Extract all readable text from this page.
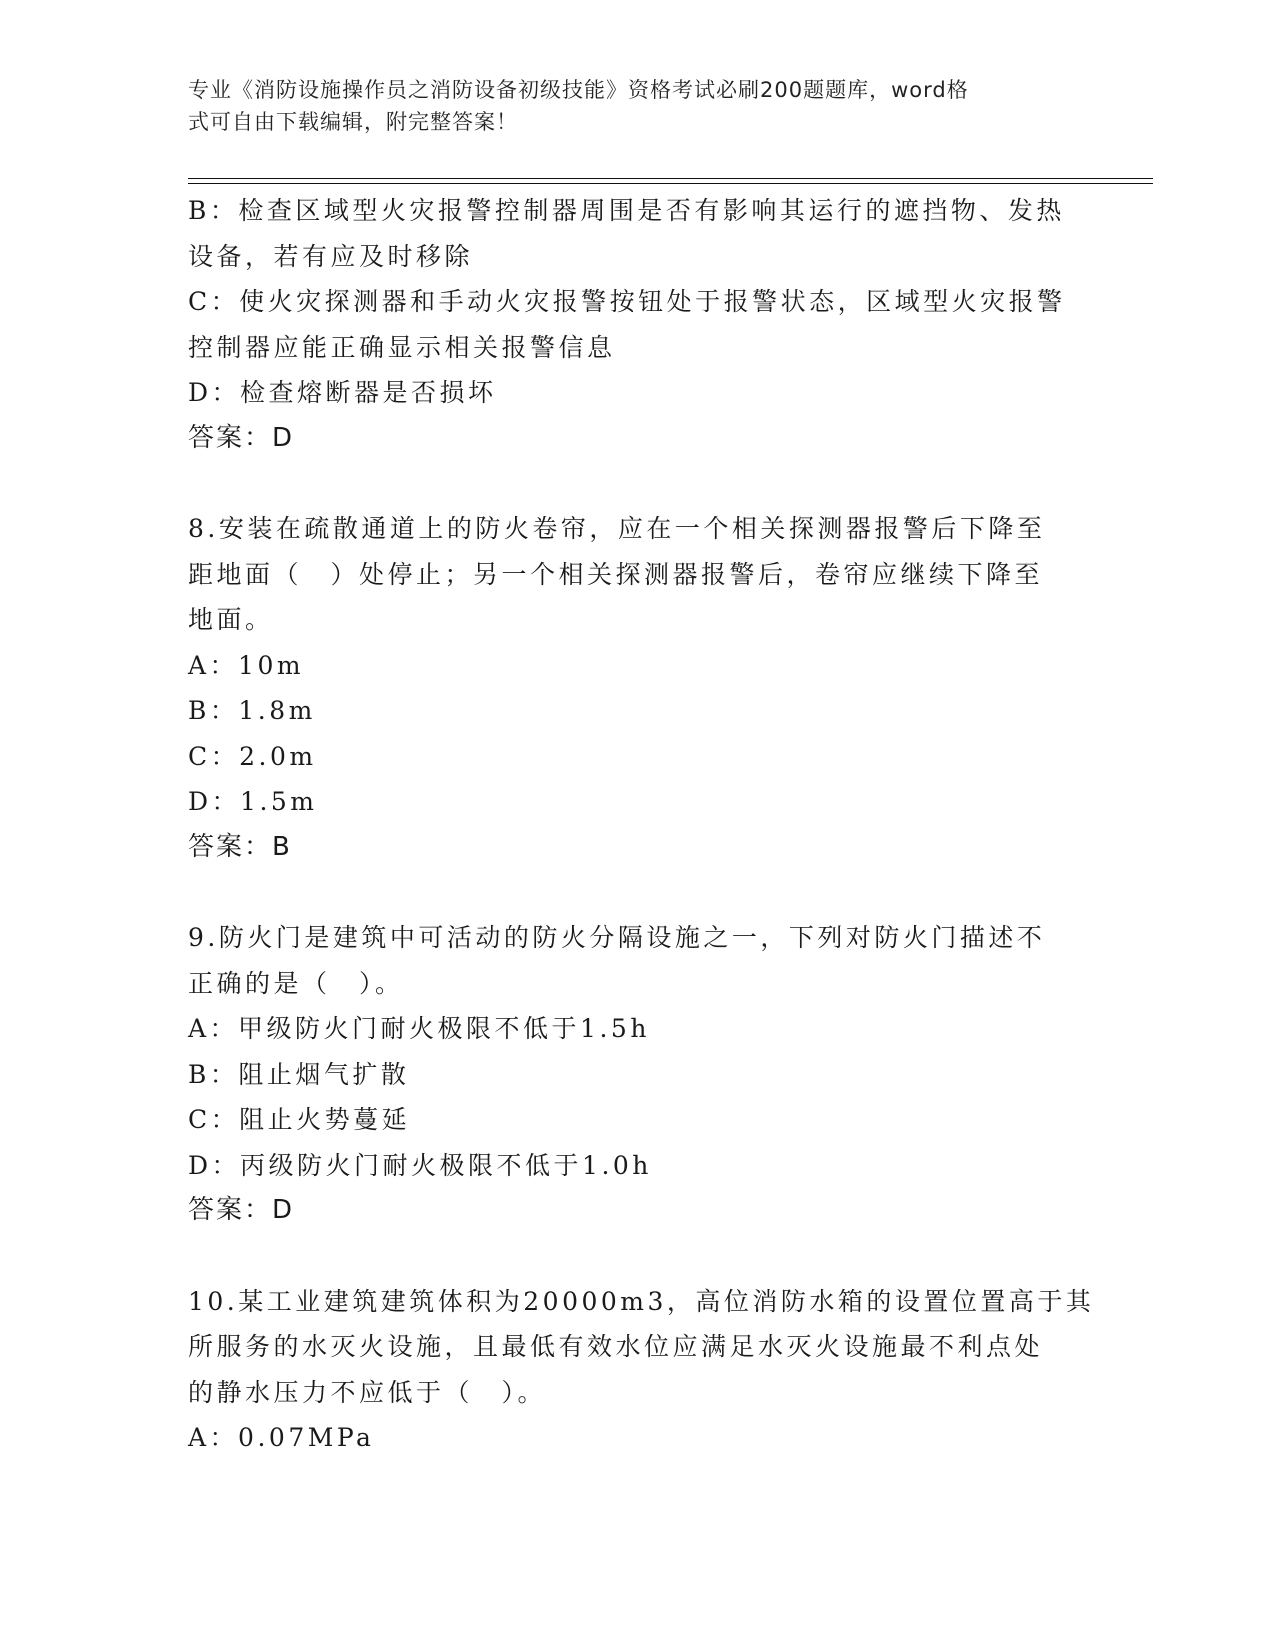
专业《消防设施操作员之消防设备初级技能》资格考试必刷200题题库，word格
式可自由下载编辑，附完整答案！
B：检查区域型火灾报警控制器周围是否有影响其运行的遮挡物、发热
设备，若有应及时移除
C：使火灾探测器和手动火灾报警按钮处于报警状态，区域型火灾报警
控制器应能正确显示相关报警信息
D：检查熔断器是否损坏
答案：D
8.安装在疏散通道上的防火卷帘，应在一个相关探测器报警后下降至
距地面（　）处停止；另一个相关探测器报警后，卷帘应继续下降至
地面。
A：10m
B：1.8m
C：2.0m
D：1.5m
答案：B
9.防火门是建筑中可活动的防火分隔设施之一，下列对防火门描述不
正确的是（　）。
A：甲级防火门耐火极限不低于1.5h
B：阻止烟气扩散
C：阻止火势蔓延
D：丙级防火门耐火极限不低于1.0h
答案：D
10.某工业建筑建筑体积为20000m3，高位消防水箱的设置位置高于其
所服务的水灭火设施，且最低有效水位应满足水灭火设施最不利点处
的静水压力不应低于（　）。
A：0.07MPa
